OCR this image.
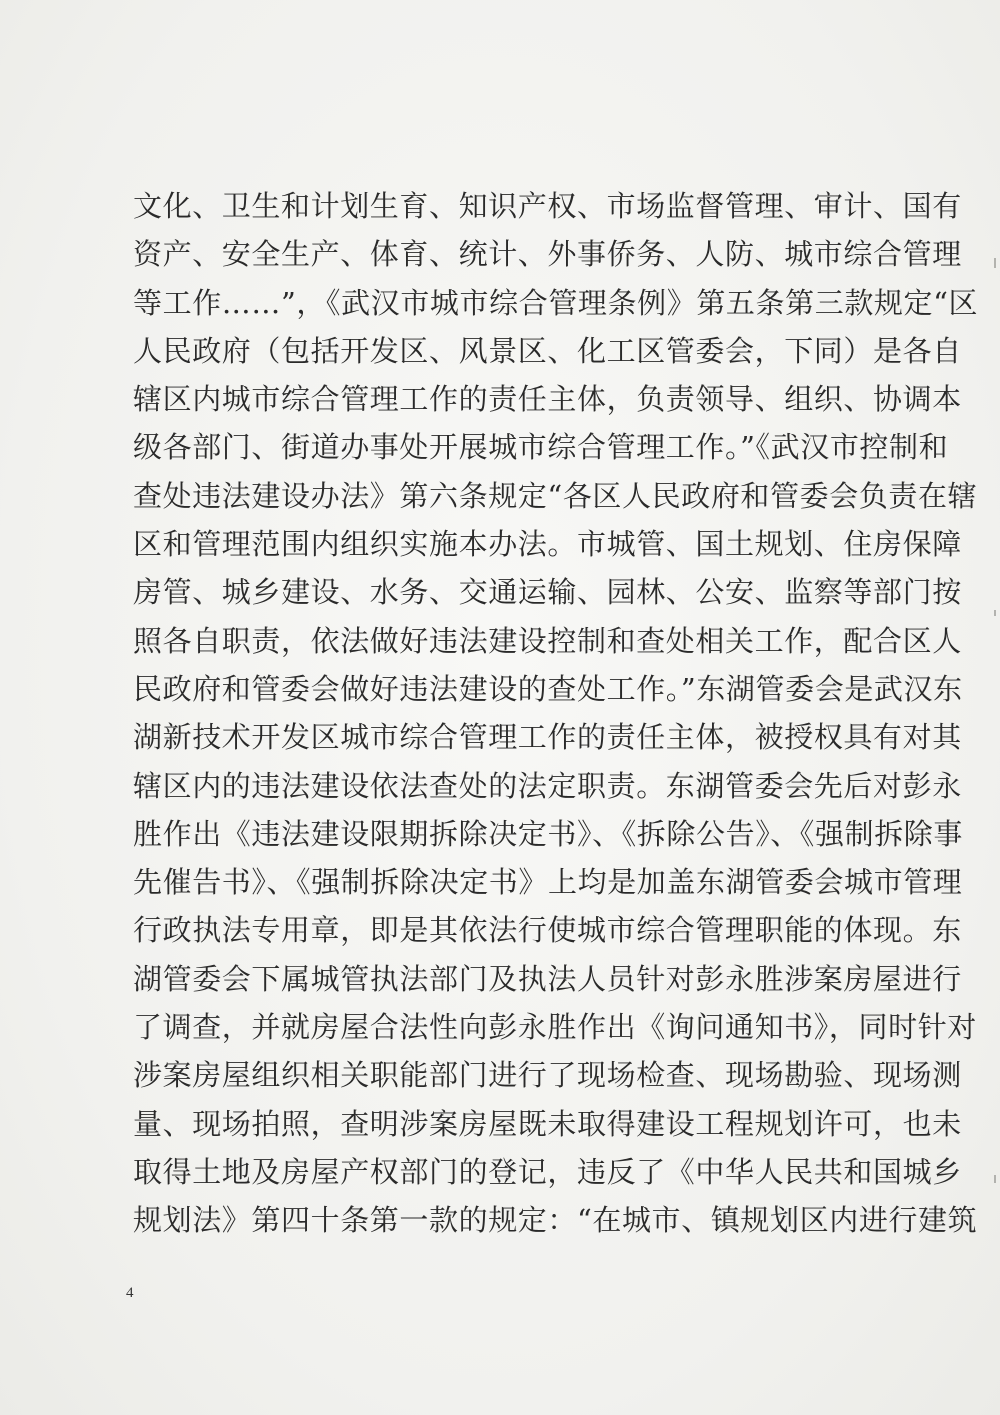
文化、卫生和计划生育、知识产权、市场监督管理、审计、国有
资产、安全生产、体育、统计、外事侨务、人防、城市综合管理
等工作……”，《武汉市城市综合管理条例》第五条第三款规定“区
人民政府（包括开发区、风景区、化工区管委会，下同）是各自
辖区内城市综合管理工作的责任主体，负责领导、组织、协调本
级各部门、街道办事处开展城市综合管理工作。”《武汉市控制和
查处违法建设办法》第六条规定“各区人民政府和管委会负责在辖
区和管理范围内组织实施本办法。市城管、国土规划、住房保障
房管、城乡建设、水务、交通运输、园林、公安、监察等部门按
照各自职责，依法做好违法建设控制和查处相关工作，配合区人
民政府和管委会做好违法建设的查处工作。”东湖管委会是武汉东
湖新技术开发区城市综合管理工作的责任主体，被授权具有对其
辖区内的违法建设依法查处的法定职责。东湖管委会先后对彭永
胜作出《违法建设限期拆除决定书》、《拆除公告》、《强制拆除事
先催告书》、《强制拆除决定书》上均是加盖东湖管委会城市管理
行政执法专用章，即是其依法行使城市综合管理职能的体现。东
湖管委会下属城管执法部门及执法人员针对彭永胜涉案房屋进行
了调查，并就房屋合法性向彭永胜作出《询问通知书》，同时针对
涉案房屋组织相关职能部门进行了现场检查、现场勘验、现场测
量、现场拍照，查明涉案房屋既未取得建设工程规划许可，也未
取得土地及房屋产权部门的登记，违反了《中华人民共和国城乡
规划法》第四十条第一款的规定：“在城市、镇规划区内进行建筑
4
